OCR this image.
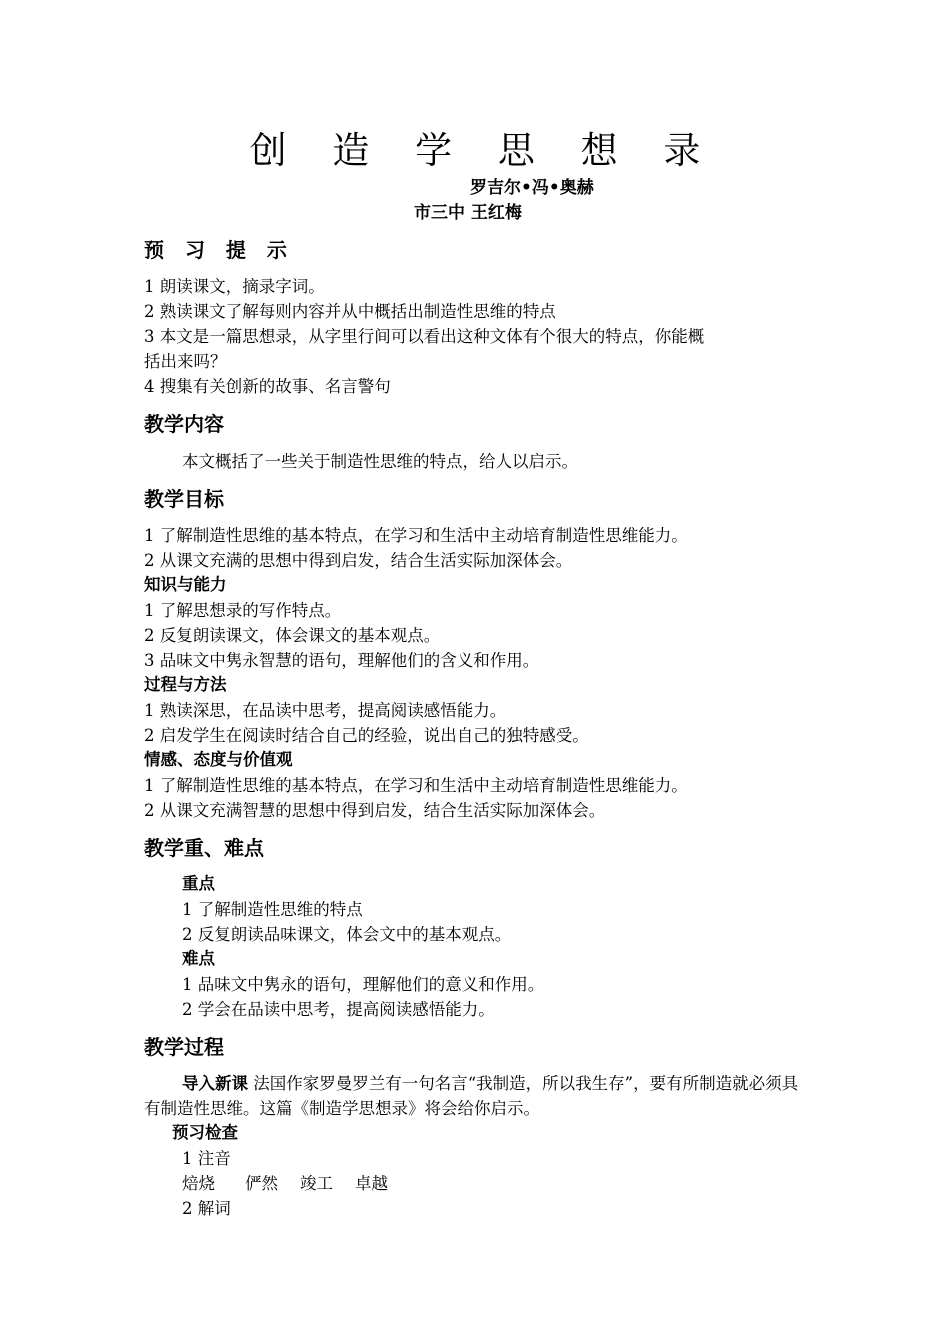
创 造 学 思 想 录
罗吉尔•冯•奥赫
市三中 王红梅
预 习 提 示
1 朗读课文，摘录字词。
2 熟读课文了解每则内容并从中概括出制造性思维的特点
3 本文是一篇思想录，从字里行间可以看出这种文体有个很大的特点，你能概
括出来吗？
4 搜集有关创新的故事、名言警句
教学内容
本文概括了一些关于制造性思维的特点，给人以启示。
教学目标
1 了解制造性思维的基本特点，在学习和生活中主动培育制造性思维能力。
2 从课文充满的思想中得到启发，结合生活实际加深体会。
知识与能力
1 了解思想录的写作特点。
2 反复朗读课文，体会课文的基本观点。
3 品味文中隽永智慧的语句，理解他们的含义和作用。
过程与方法
1 熟读深思，在品读中思考，提高阅读感悟能力。
2 启发学生在阅读时结合自己的经验，说出自己的独特感受。
情感、态度与价值观
1 了解制造性思维的基本特点，在学习和生活中主动培育制造性思维能力。
2 从课文充满智慧的思想中得到启发，结合生活实际加深体会。
教学重、难点
重点
1 了解制造性思维的特点
2 反复朗读品味课文，体会文中的基本观点。
难点
1 品味文中隽永的语句，理解他们的意义和作用。
2 学会在品读中思考，提高阅读感悟能力。
教学过程
导入新课 法国作家罗曼罗兰有一句名言“我制造，所以我生存”，要有所制造就必须具有制造性思维。这篇《制造学思想录》将会给你启示。
预习检查
1 注音
焙烧 俨然 竣工 卓越
2 解词
